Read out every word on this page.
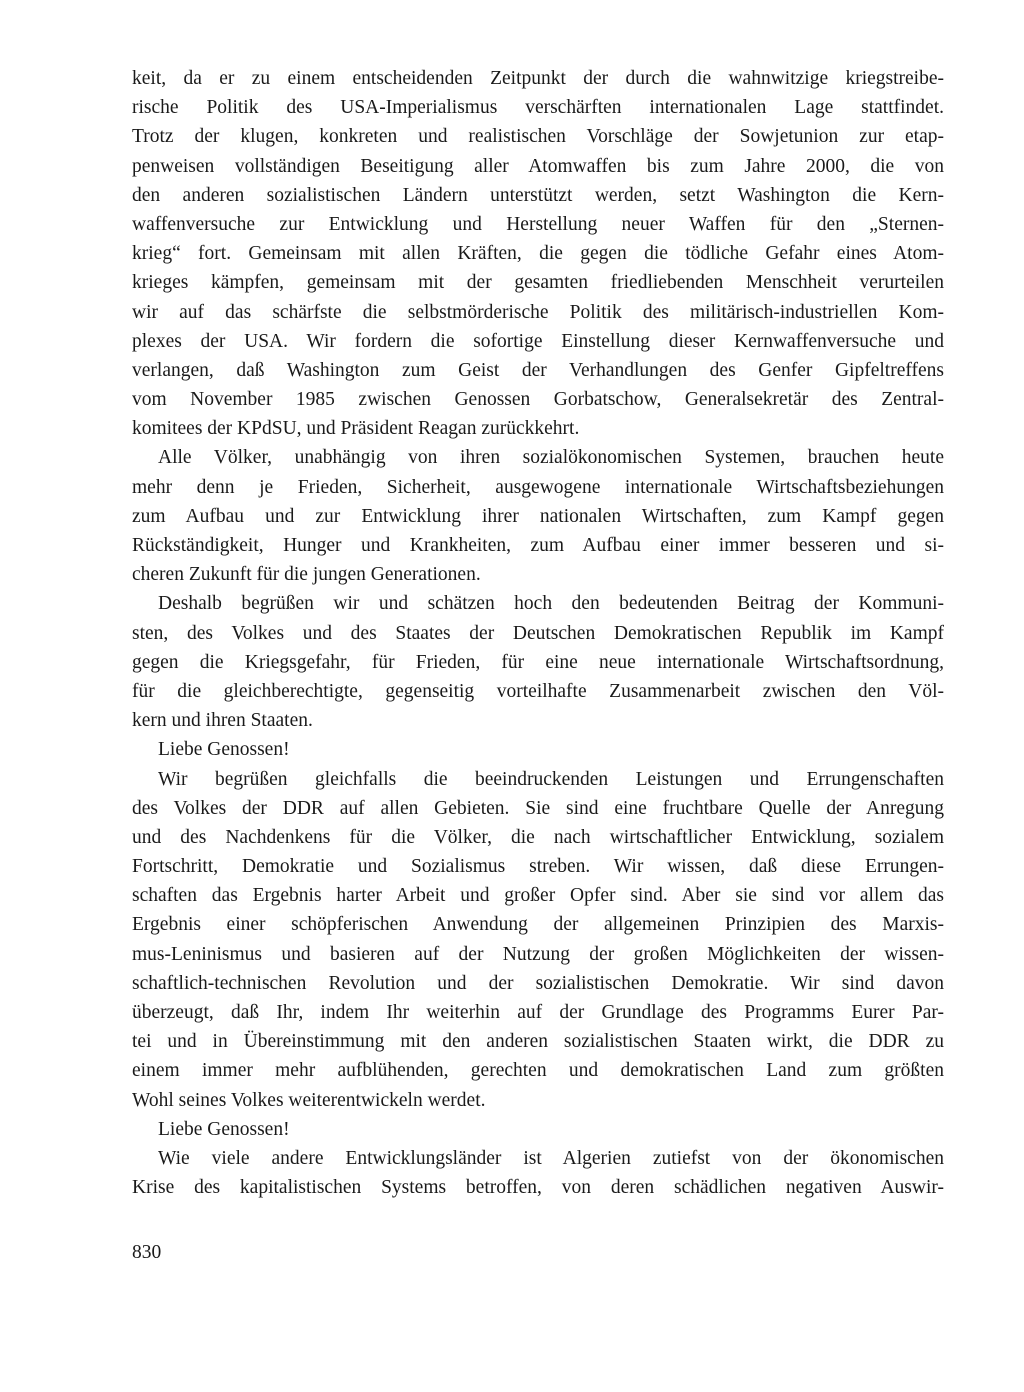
keit, da er zu einem entscheidenden Zeitpunkt der durch die wahnwitzige kriegstreibe-
rische Politik des USA-Imperialismus verschärften internationalen Lage stattfindet.
Trotz der klugen, konkreten und realistischen Vorschläge der Sowjetunion zur etap-
penweisen vollständigen Beseitigung aller Atomwaffen bis zum Jahre 2000, die von
den anderen sozialistischen Ländern unterstützt werden, setzt Washington die Kern-
waffenversuche zur Entwicklung und Herstellung neuer Waffen für den „Sternen-
krieg“ fort. Gemeinsam mit allen Kräften, die gegen die tödliche Gefahr eines Atom-
krieges kämpfen, gemeinsam mit der gesamten friedliebenden Menschheit verurteilen
wir auf das schärfste die selbstmörderische Politik des militärisch-industriellen Kom-
plexes der USA. Wir fordern die sofortige Einstellung dieser Kernwaffenversuche und
verlangen, daß Washington zum Geist der Verhandlungen des Genfer Gipfeltreffens
vom November 1985 zwischen Genossen Gorbatschow, Generalsekretär des Zentral-
komitees der KPdSU, und Präsident Reagan zurückkehrt.
Alle Völker, unabhängig von ihren sozialökonomischen Systemen, brauchen heute
mehr denn je Frieden, Sicherheit, ausgewogene internationale Wirtschaftsbeziehungen
zum Aufbau und zur Entwicklung ihrer nationalen Wirtschaften, zum Kampf gegen
Rückständigkeit, Hunger und Krankheiten, zum Aufbau einer immer besseren und si-
cheren Zukunft für die jungen Generationen.
Deshalb begrüßen wir und schätzen hoch den bedeutenden Beitrag der Kommuni-
sten, des Volkes und des Staates der Deutschen Demokratischen Republik im Kampf
gegen die Kriegsgefahr, für Frieden, für eine neue internationale Wirtschaftsordnung,
für die gleichberechtigte, gegenseitig vorteilhafte Zusammenarbeit zwischen den Völ-
kern und ihren Staaten.
Liebe Genossen!
Wir begrüßen gleichfalls die beeindruckenden Leistungen und Errungenschaften
des Volkes der DDR auf allen Gebieten. Sie sind eine fruchtbare Quelle der Anregung
und des Nachdenkens für die Völker, die nach wirtschaftlicher Entwicklung, sozialem
Fortschritt, Demokratie und Sozialismus streben. Wir wissen, daß diese Errungen-
schaften das Ergebnis harter Arbeit und großer Opfer sind. Aber sie sind vor allem das
Ergebnis einer schöpferischen Anwendung der allgemeinen Prinzipien des Marxis-
mus-Leninismus und basieren auf der Nutzung der großen Möglichkeiten der wissen-
schaftlich-technischen Revolution und der sozialistischen Demokratie. Wir sind davon
überzeugt, daß Ihr, indem Ihr weiterhin auf der Grundlage des Programms Eurer Par-
tei und in Übereinstimmung mit den anderen sozialistischen Staaten wirkt, die DDR zu
einem immer mehr aufblühenden, gerechten und demokratischen Land zum größten
Wohl seines Volkes weiterentwickeln werdet.
Liebe Genossen!
Wie viele andere Entwicklungsländer ist Algerien zutiefst von der ökonomischen
Krise des kapitalistischen Systems betroffen, von deren schädlichen negativen Auswir-
830
